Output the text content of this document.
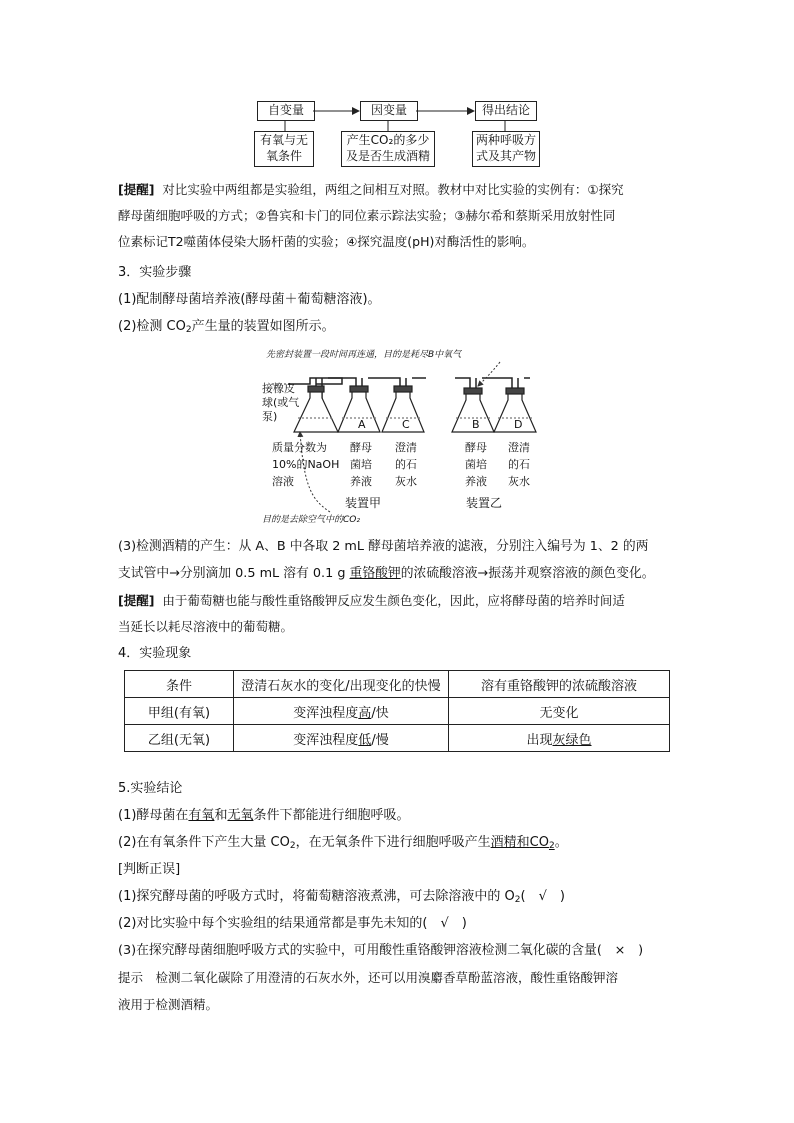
自变量	因变量	得出结论
有氧与无
氧条件
产生CO₂的多少
及是否生成酒精
两种呼吸方
式及其产物
[提醒] 对比实验中两组都是实验组，两组之间相互对照。教材中对比实验的实例有：①探究
酵母菌细胞呼吸的方式；②鲁宾和卡门的同位素示踪法实验；③赫尔希和蔡斯采用放射性同
位素标记T2噬菌体侵染大肠杆菌的实验；④探究温度(pH)对酶活性的影响。
3．实验步骤
(1)配制酵母菌培养液(酵母菌＋葡萄糖溶液)。
(2)检测 $CO_2$产生量的装置如图所示。
先密封装置一段时间再连通，目的是耗尽B中氧气
接橡皮
球(或气
泵)
A	C	B	D
质量分数为
10%的NaOH
溶液
酵母
菌培
养液
澄清
的石
灰水
酵母
菌培
养液
澄清
的石
灰水
装置甲	装置乙
目的是去除空气中的CO₂
(3)检测酒精的产生：从 A、B 中各取 2 mL 酵母菌培养液的滤液，分别注入编号为 1、2 的两
支试管中→分别滴加 0.5 mL 溶有 0.1 g 重铬酸钾的浓硫酸溶液→振荡并观察溶液的颜色变化。
[提醒] 由于葡萄糖也能与酸性重铬酸钾反应发生颜色变化，因此，应将酵母菌的培养时间适
当延长以耗尽溶液中的葡萄糖。
4．实验现象
条件	澄清石灰水的变化/出现变化的快慢	溶有重铬酸钾的浓硫酸溶液
甲组(有氧)	变浑浊程度高/快	无变化
乙组(无氧)	变浑浊程度低/慢	出现灰绿色
5.实验结论
(1)酵母菌在有氧和无氧条件下都能进行细胞呼吸。
(2)在有氧条件下产生大量 $CO_2$，在无氧条件下进行细胞呼吸产生酒精和$CO_2$。
[判断正误]
(1)探究酵母菌的呼吸方式时，将葡萄糖溶液煮沸，可去除溶液中的 $O_2$(　√　)
(2)对比实验中每个实验组的结果通常都是事先未知的(　√　)
(3)在探究酵母菌细胞呼吸方式的实验中，可用酸性重铬酸钾溶液检测二氧化碳的含量(　×　)
提示　检测二氧化碳除了用澄清的石灰水外，还可以用溴麝香草酚蓝溶液，酸性重铬酸钾溶
液用于检测酒精。
